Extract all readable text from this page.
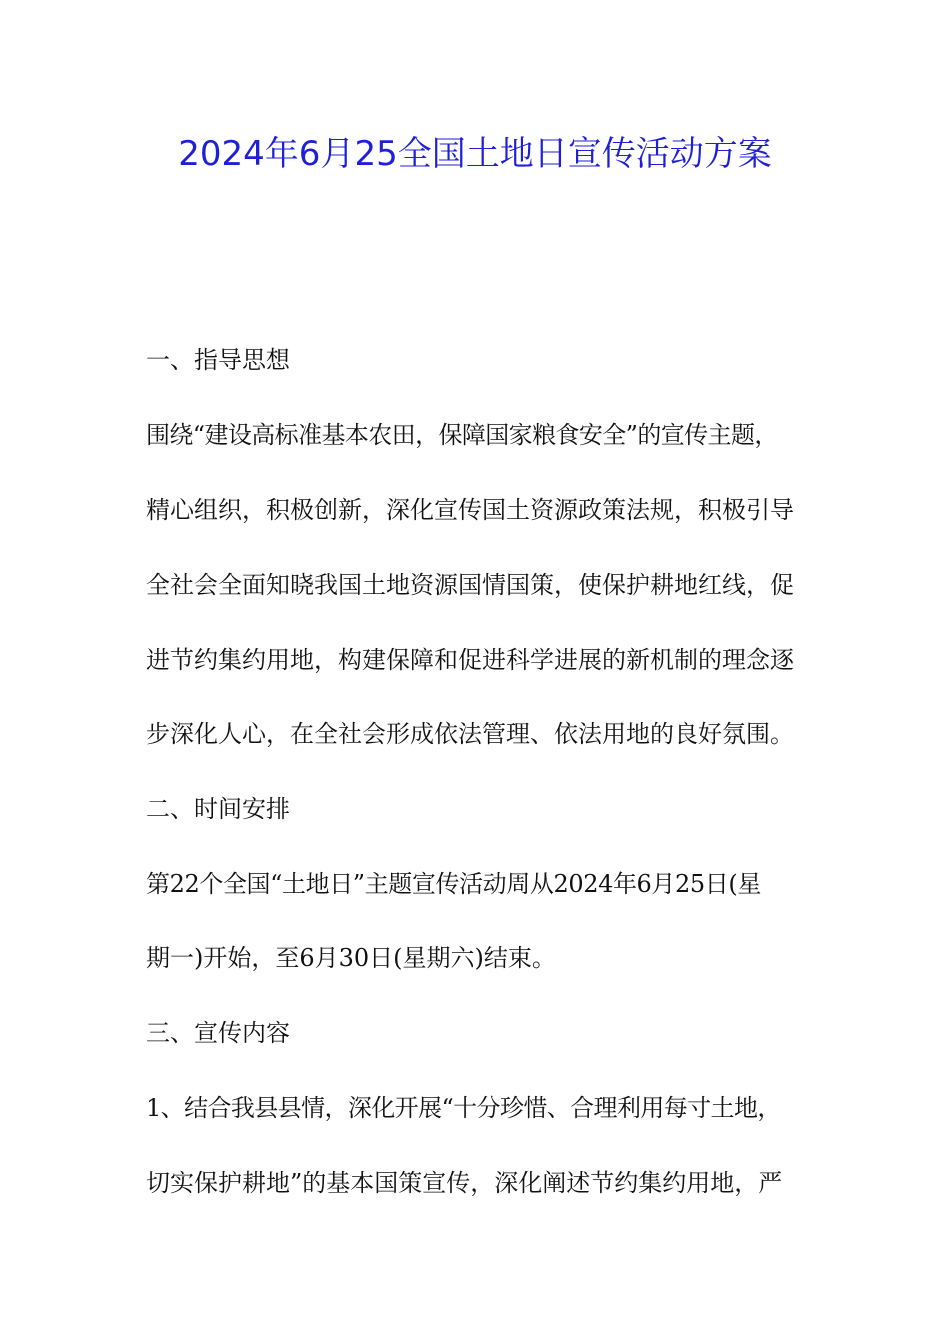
2024年6月25全国土地日宣传活动方案

一、指导思想

围绕“建设高标准基本农田，保障国家粮食安全”的宣传主题，

精心组织，积极创新，深化宣传国土资源政策法规，积极引导

全社会全面知晓我国土地资源国情国策，使保护耕地红线，促

进节约集约用地，构建保障和促进科学进展的新机制的理念逐

步深化人心，在全社会形成依法管理、依法用地的良好氛围。

二、时间安排

第22个全国“土地日”主题宣传活动周从2024年6月25日(星

期一)开始，至6月30日(星期六)结束。

三、宣传内容

1、结合我县县情，深化开展“十分珍惜、合理利用每寸土地，

切实保护耕地”的基本国策宣传，深化阐述节约集约用地，严
